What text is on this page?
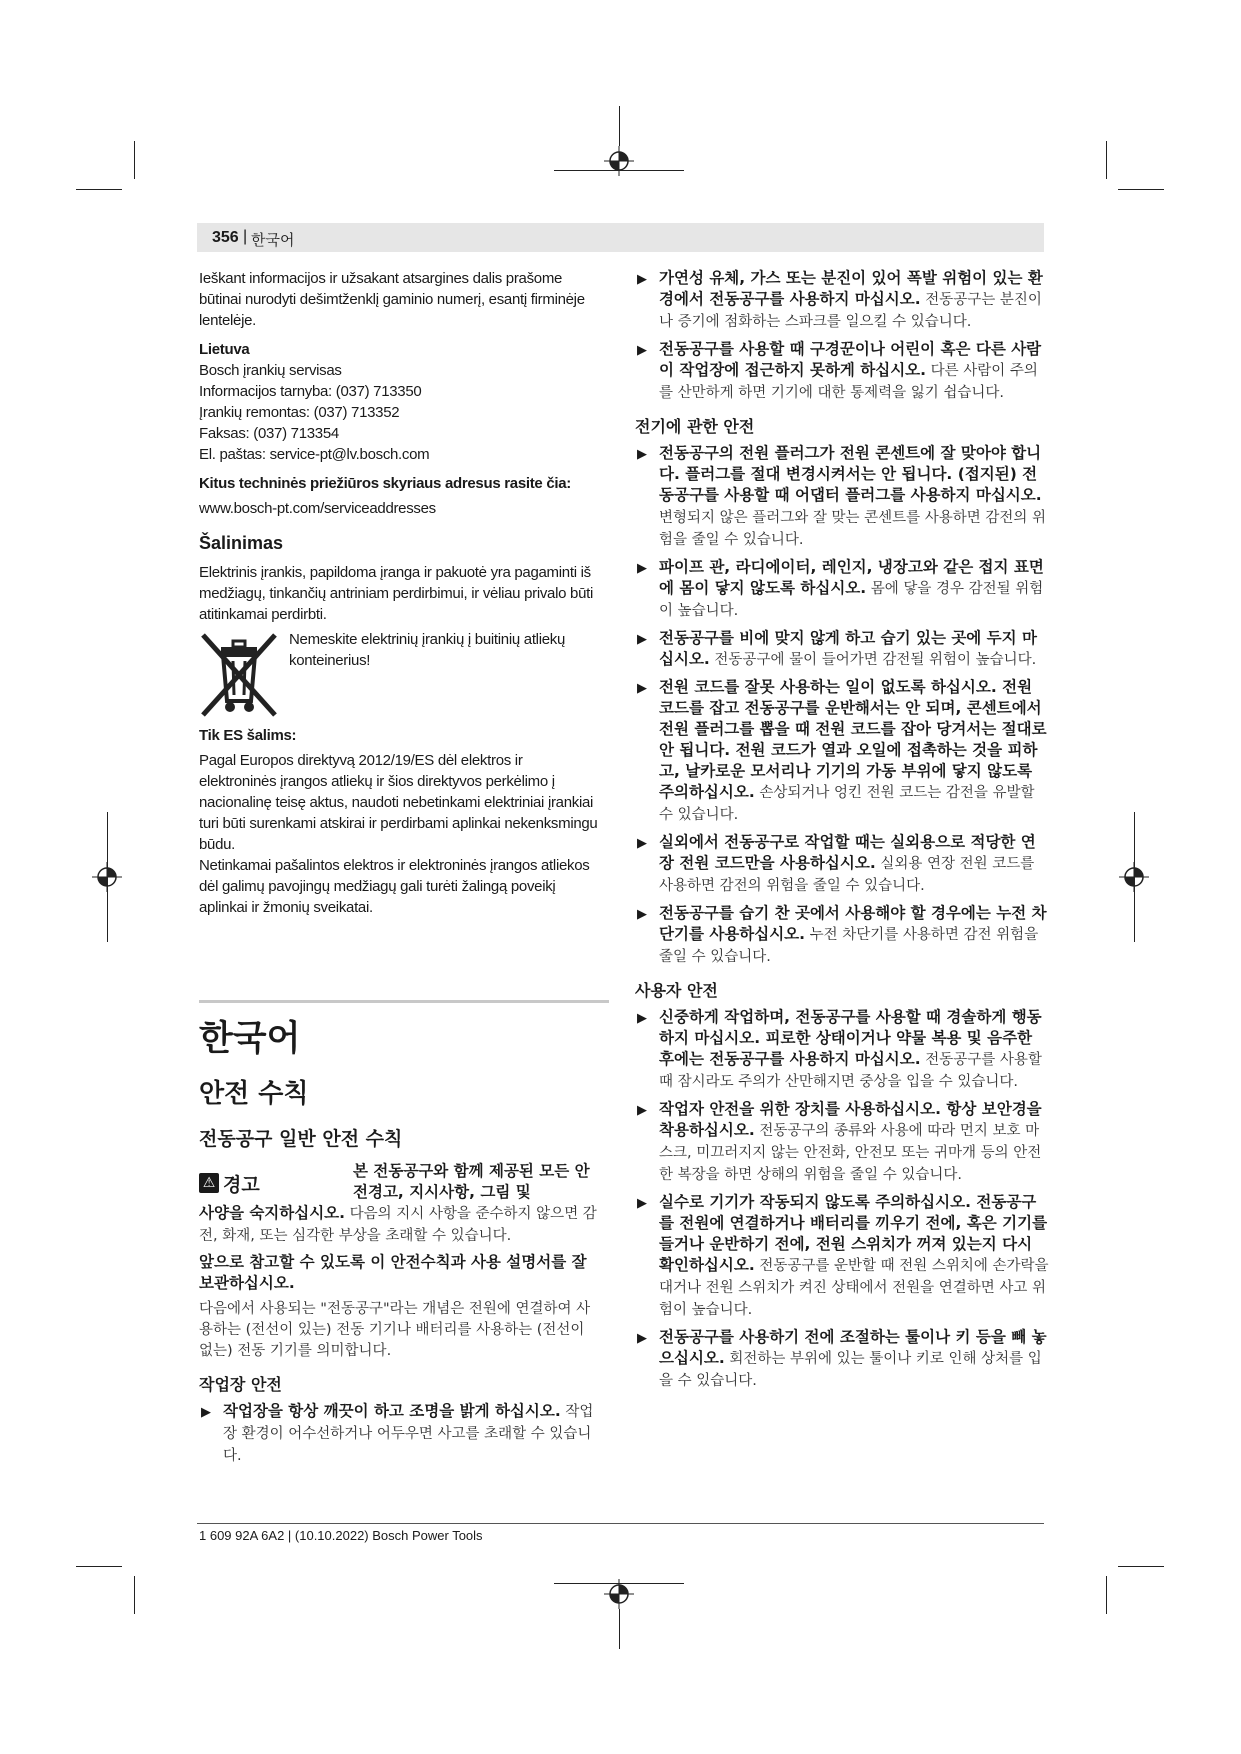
356 | 한국어

Ieškant informacijos ir užsakant atsargines dalis prašome būtinai nurodyti dešimtženklį gaminio numerį, esantį firminėje lentelėje.

Lietuva

Bosch įrankių servisas

Informacijos tarnyba: (037) 713350

Įrankių remontas: (037) 713352

Faksas: (037) 713354

El. paštas: service-pt@lv.bosch.com

Kitus techninės priežiūros skyriaus adresus rasite čia:

www.bosch-pt.com/serviceaddresses

Šalinimas

Elektrinis įrankis, papildoma įranga ir pakuotė yra pagaminti iš medžiagų, tinkančių antriniam perdirbimui, ir vėliau privalo būti atitinkamai perdirbti.

Nemeskite elektrinių įrankių į buitinių atliekų konteinerius!

Tik ES šalims:

Pagal Europos direktyvą 2012/19/ES dėl elektros ir elektroninės įrangos atliekų ir šios direktyvos perkėlimo į nacionalinę teisę aktus, naudoti nebetinkami elektriniai įrankiai turi būti surenkami atskirai ir perdirbami aplinkai nekenksmingu būdu.

Netinkamai pašalintos elektros ir elektroninės įrangos atliekos dėl galimų pavojingų medžiagų gali turėti žalingą poveikį aplinkai ir žmonių sveikatai.

한국어
안전 수칙
전동공구 일반 안전 수칙
⚠ 경고
본 전동공구와 함께 제공된 모든 안전경고, 지시사항, 그림 및

사양을 숙지하십시오. 다음의 지시 사항을 준수하지 않으면 감전, 화재, 또는 심각한 부상을 초래할 수 있습니다.

앞으로 참고할 수 있도록 이 안전수칙과 사용 설명서를 잘 보관하십시오.

다음에서 사용되는 "전동공구"라는 개념은 전원에 연결하여 사용하는 (전선이 있는) 전동 기기나 배터리를 사용하는 (전선이 없는) 전동 기기를 의미합니다.

작업장 안전
▶ 작업장을 항상 깨끗이 하고 조명을 밝게 하십시오. 작업장 환경이 어수선하거나 어두우면 사고를 초래할 수 있습니다.
▶ 가연성 유체, 가스 또는 분진이 있어 폭발 위험이 있는 환경에서 전동공구를 사용하지 마십시오. 전동공구는 분진이나 증기에 점화하는 스파크를 일으킬 수 있습니다.
▶ 전동공구를 사용할 때 구경꾼이나 어린이 혹은 다른 사람이 작업장에 접근하지 못하게 하십시오. 다른 사람이 주의를 산만하게 하면 기기에 대한 통제력을 잃기 쉽습니다.
전기에 관한 안전
▶ 전동공구의 전원 플러그가 전원 콘센트에 잘 맞아야 합니다. 플러그를 절대 변경시켜서는 안 됩니다. (접지된) 전동공구를 사용할 때 어댑터 플러그를 사용하지 마십시오. 변형되지 않은 플러그와 잘 맞는 콘센트를 사용하면 감전의 위험을 줄일 수 있습니다.
▶ 파이프 관, 라디에이터, 레인지, 냉장고와 같은 접지 표면에 몸이 닿지 않도록 하십시오. 몸에 닿을 경우 감전될 위험이 높습니다.
▶ 전동공구를 비에 맞지 않게 하고 습기 있는 곳에 두지 마십시오. 전동공구에 물이 들어가면 감전될 위험이 높습니다.
▶ 전원 코드를 잘못 사용하는 일이 없도록 하십시오. 전원 코드를 잡고 전동공구를 운반해서는 안 되며, 콘센트에서 전원 플러그를 뽑을 때 전원 코드를 잡아 당겨서는 절대로 안 됩니다. 전원 코드가 열과 오일에 접촉하는 것을 피하고, 날카로운 모서리나 기기의 가동 부위에 닿지 않도록 주의하십시오. 손상되거나 엉킨 전원 코드는 감전을 유발할 수 있습니다.
▶ 실외에서 전동공구로 작업할 때는 실외용으로 적당한 연장 전원 코드만을 사용하십시오. 실외용 연장 전원 코드를 사용하면 감전의 위험을 줄일 수 있습니다.
▶ 전동공구를 습기 찬 곳에서 사용해야 할 경우에는 누전 차단기를 사용하십시오. 누전 차단기를 사용하면 감전 위험을 줄일 수 있습니다.
사용자 안전
▶ 신중하게 작업하며, 전동공구를 사용할 때 경솔하게 행동하지 마십시오. 피로한 상태이거나 약물 복용 및 음주한 후에는 전동공구를 사용하지 마십시오. 전동공구를 사용할 때 잠시라도 주의가 산만해지면 중상을 입을 수 있습니다.
▶ 작업자 안전을 위한 장치를 사용하십시오. 항상 보안경을 착용하십시오. 전동공구의 종류와 사용에 따라 먼지 보호 마스크, 미끄러지지 않는 안전화, 안전모 또는 귀마개 등의 안전한 복장을 하면 상해의 위험을 줄일 수 있습니다.
▶ 실수로 기기가 작동되지 않도록 주의하십시오. 전동공구를 전원에 연결하거나 배터리를 끼우기 전에, 혹은 기기를 들거나 운반하기 전에, 전원 스위치가 꺼져 있는지 다시 확인하십시오. 전동공구를 운반할 때 전원 스위치에 손가락을 대거나 전원 스위치가 켜진 상태에서 전원을 연결하면 사고 위험이 높습니다.
▶ 전동공구를 사용하기 전에 조절하는 툴이나 키 등을 빼 놓으십시오. 회전하는 부위에 있는 툴이나 키로 인해 상처를 입을 수 있습니다.
1 609 92A 6A2 | (10.10.2022) Bosch Power Tools
